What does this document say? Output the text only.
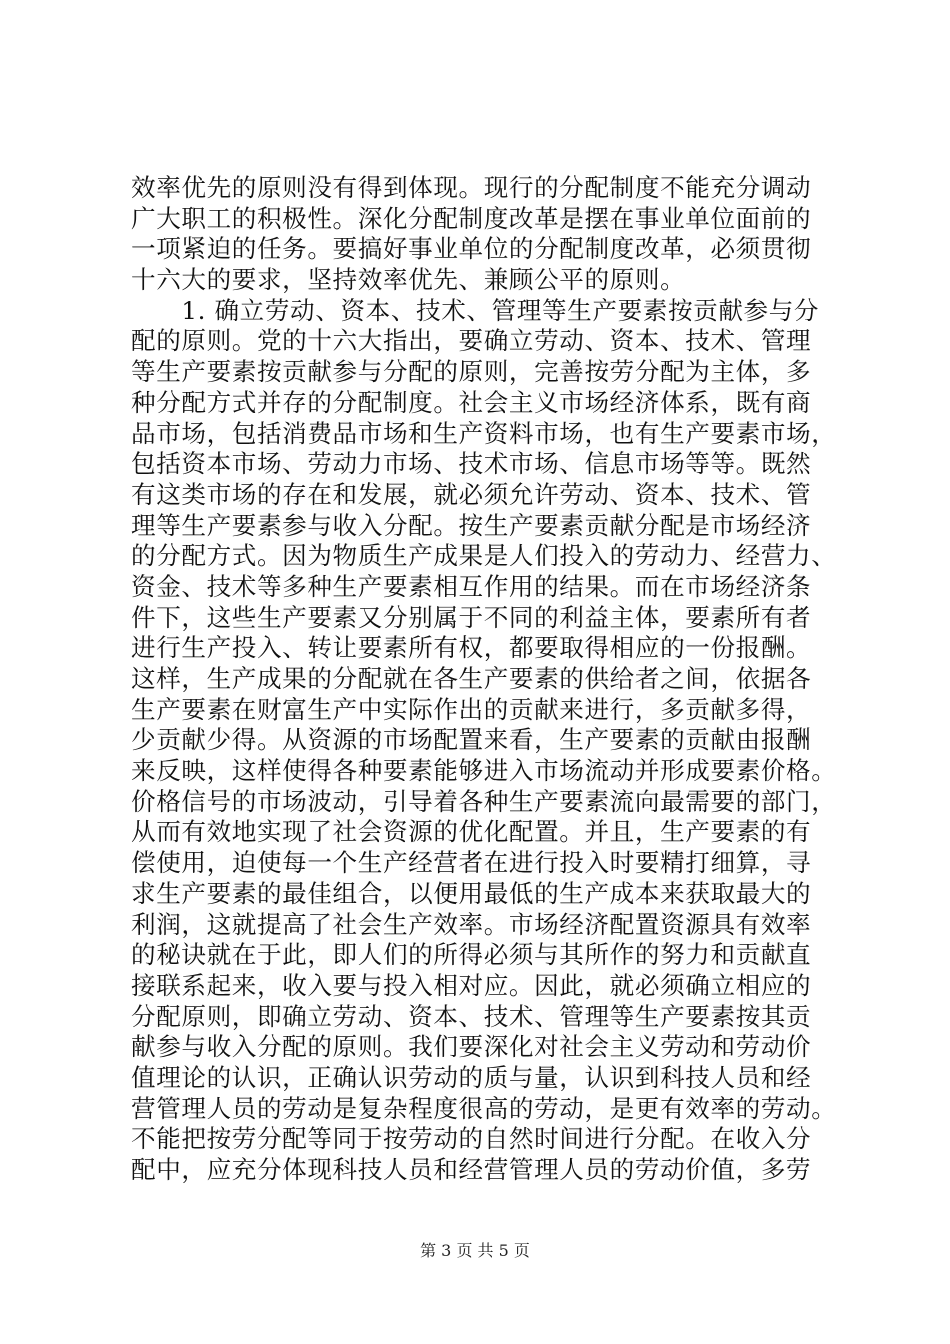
效率优先的原则没有得到体现。现行的分配制度不能充分调动
广大职工的积极性。深化分配制度改革是摆在事业单位面前的
一项紧迫的任务。要搞好事业单位的分配制度改革，必须贯彻
十六大的要求，坚持效率优先、兼顾公平的原则。
　　1. 确立劳动、资本、技术、管理等生产要素按贡献参与分
配的原则。党的十六大指出，要确立劳动、资本、技术、管理
等生产要素按贡献参与分配的原则，完善按劳分配为主体，多
种分配方式并存的分配制度。社会主义市场经济体系，既有商
品市场，包括消费品市场和生产资料市场，也有生产要素市场，
包括资本市场、劳动力市场、技术市场、信息市场等等。既然
有这类市场的存在和发展，就必须允许劳动、资本、技术、管
理等生产要素参与收入分配。按生产要素贡献分配是市场经济
的分配方式。因为物质生产成果是人们投入的劳动力、经营力、
资金、技术等多种生产要素相互作用的结果。而在市场经济条
件下，这些生产要素又分别属于不同的利益主体，要素所有者
进行生产投入、转让要素所有权，都要取得相应的一份报酬。
这样，生产成果的分配就在各生产要素的供给者之间，依据各
生产要素在财富生产中实际作出的贡献来进行，多贡献多得，
少贡献少得。从资源的市场配置来看，生产要素的贡献由报酬
来反映，这样使得各种要素能够进入市场流动并形成要素价格。
价格信号的市场波动，引导着各种生产要素流向最需要的部门，
从而有效地实现了社会资源的优化配置。并且，生产要素的有
偿使用，迫使每一个生产经营者在进行投入时要精打细算，寻
求生产要素的最佳组合，以便用最低的生产成本来获取最大的
利润，这就提高了社会生产效率。市场经济配置资源具有效率
的秘诀就在于此，即人们的所得必须与其所作的努力和贡献直
接联系起来，收入要与投入相对应。因此，就必须确立相应的
分配原则，即确立劳动、资本、技术、管理等生产要素按其贡
献参与收入分配的原则。我们要深化对社会主义劳动和劳动价
值理论的认识，正确认识劳动的质与量，认识到科技人员和经
营管理人员的劳动是复杂程度很高的劳动，是更有效率的劳动。
不能把按劳分配等同于按劳动的自然时间进行分配。在收入分
配中，应充分体现科技人员和经营管理人员的劳动价值，多劳
第 3 页 共 5 页
